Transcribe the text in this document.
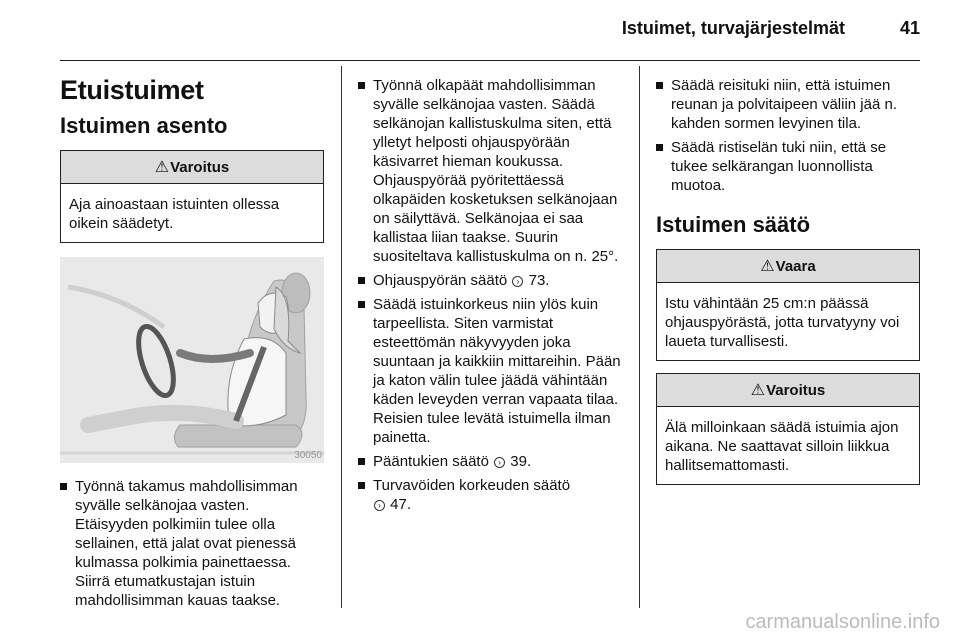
Istuimet, turvajärjestelmät	41
Etuistuimet
Istuimen asento
⚠Varoitus
Aja ainoastaan istuinten ollessa oikein säädetyt.
30050
Työnnä takamus mahdollisimman syvälle selkänojaa vasten. Etäisyyden polkimiin tulee olla sellainen, että jalat ovat pienessä kulmassa polkimia painettaessa. Siirrä etumatkustajan istuin mahdollisimman kauas taakse.
Työnnä olkapäät mahdollisimman syvälle selkänojaa vasten. Säädä selkänojan kallistuskulma siten, että ylletyt helposti ohjauspyörään käsivarret hieman koukussa. Ohjauspyörää pyöritettäessä olkapäiden kosketuksen selkänojaan on säilyttävä. Selkänojaa ei saa kallistaa liian taakse. Suurin suositeltava kallistuskulma on n. 25°.
Ohjauspyörän säätö › 73.
Säädä istuinkorkeus niin ylös kuin tarpeellista. Siten varmistat esteettömän näkyvyyden joka suuntaan ja kaikkiin mittareihin. Pään ja katon välin tulee jäädä vähintään käden leveyden verran vapaata tilaa. Reisien tulee levätä istuimella ilman painetta.
Pääntukien säätö › 39.
Turvavöiden korkeuden säätö
› 47.
Säädä reisituki niin, että istuimen reunan ja polvitaipeen väliin jää n. kahden sormen levyinen tila.
Säädä ristiselän tuki niin, että se tukee selkärangan luonnollista muotoa.
Istuimen säätö
⚠Vaara
Istu vähintään 25 cm:n päässä ohjauspyörästä, jotta turvatyyny voi laueta turvallisesti.
⚠Varoitus
Älä milloinkaan säädä istuimia ajon aikana. Ne saattavat silloin liikkua hallitsemattomasti.
carmanualsonline.info
